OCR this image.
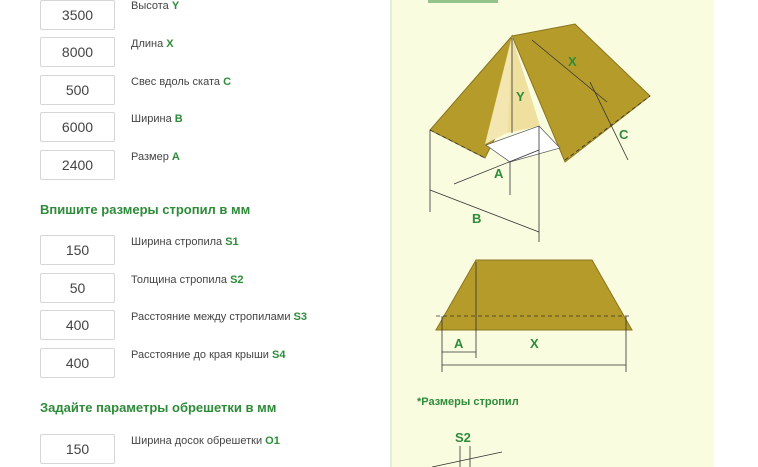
3500
Высота Y
8000
Длина X
500
Свес вдоль ската C
6000
Ширина B
2400
Размер A
Впишите размеры стропил в мм
150
Ширина стропила S1
50
Толщина стропила S2
400
Расстояние между стропилами S3
400
Расстояние до края крыши S4
Задайте параметры обрешетки в мм
150
Ширина досок обрешетки O1
X
Y
C
A
B
A	X
S2
*Размеры стропил
